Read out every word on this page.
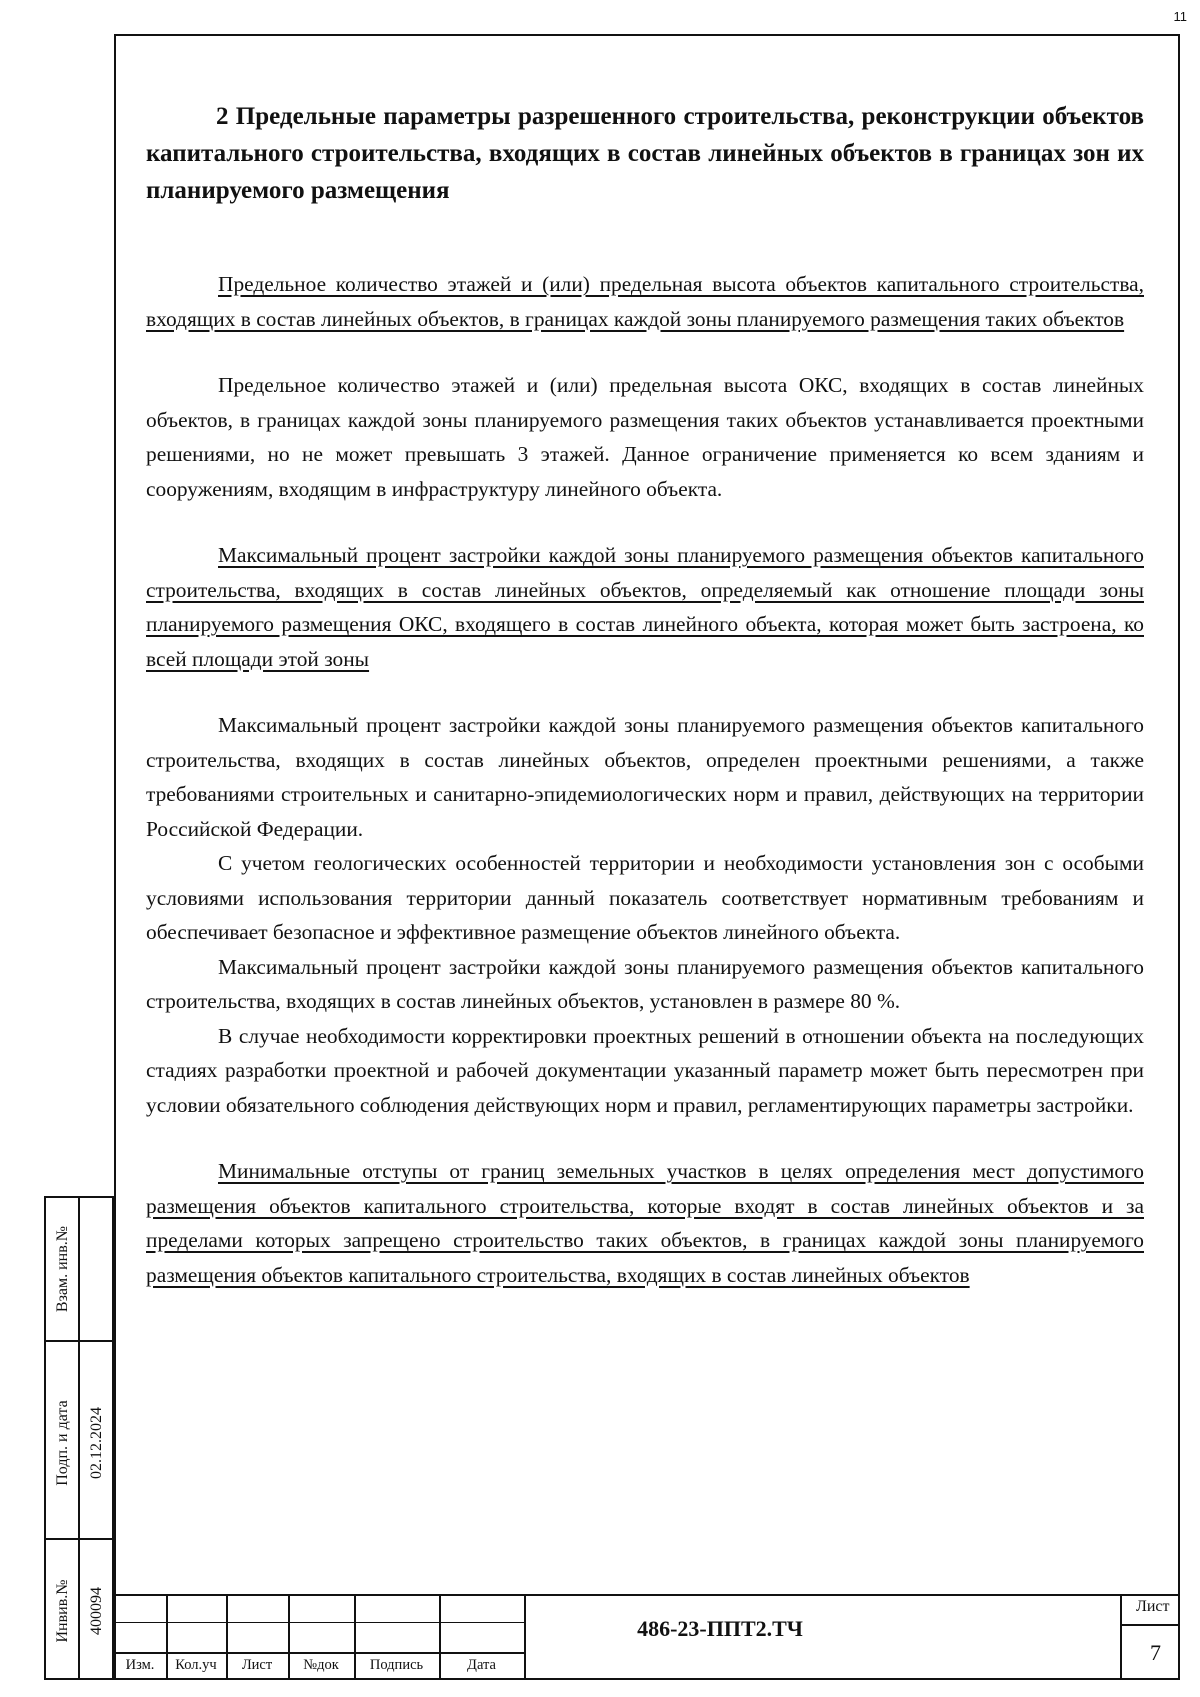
11
2 Предельные параметры разрешенного строительства, реконструкции объектов капитального строительства, входящих в состав линейных объектов в границах зон их планируемого размещения

Предельное количество этажей и (или) предельная высота объектов капитального строительства, входящих в состав линейных объектов, в границах каждой зоны планируемого размещения таких объектов

Предельное количество этажей и (или) предельная высота ОКС, входящих в состав линейных объектов, в границах каждой зоны планируемого размещения таких объектов устанавливается проектными решениями, но не может превышать 3 этажей. Данное ограничение применяется ко всем зданиям и сооружениям, входящим в инфраструктуру линейного объекта.

Максимальный процент застройки каждой зоны планируемого размещения объектов капитального строительства, входящих в состав линейных объектов, определяемый как отношение площади зоны планируемого размещения ОКС, входящего в состав линейного объекта, которая может быть застроена, ко всей площади этой зоны

Максимальный процент застройки каждой зоны планируемого размещения объектов капитального строительства, входящих в состав линейных объектов, определен проектными решениями, а также требованиями строительных и санитарно-эпидемиологических норм и правил, действующих на территории Российской Федерации.

С учетом геологических особенностей территории и необходимости установления зон с особыми условиями использования территории данный показатель соответствует нормативным требованиям и обеспечивает безопасное и эффективное размещение объектов линейного объекта.

Максимальный процент застройки каждой зоны планируемого размещения объектов капитального строительства, входящих в состав линейных объектов, установлен в размере 80 %.

В случае необходимости корректировки проектных решений в отношении объекта на последующих стадиях разработки проектной и рабочей документации указанный параметр может быть пересмотрен при условии обязательного соблюдения действующих норм и правил, регламентирующих параметры застройки.

Минимальные отступы от границ земельных участков в целях определения мест допустимого размещения объектов капитального строительства, которые входят в состав линейных объектов и за пределами которых запрещено строительство таких объектов, в границах каждой зоны планируемого размещения объектов капитального строительства, входящих в состав линейных объектов

Взам. инв.№
Подп. и дата 02.12.2024
Инвив.№ 400094
Изм.	Кол.уч	Лист	№док	Подпись	Дата
486-23-ППТ2.ТЧ
Лист
7
